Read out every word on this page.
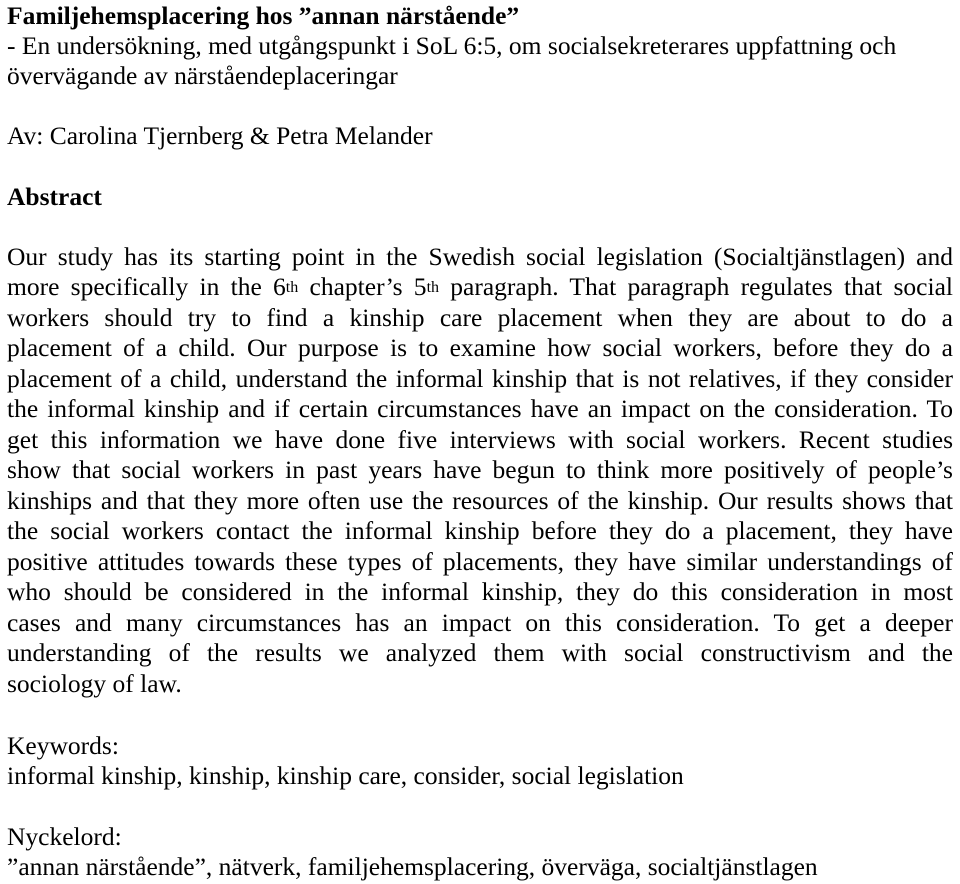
Familjehemsplacering hos ”annan närstående”
- En undersökning, med utgångspunkt i SoL 6:5, om socialsekreterares uppfattning och
övervägande av närståendeplaceringar
Av: Carolina Tjernberg & Petra Melander
Abstract
Our study has its starting point in the Swedish social legislation (Socialtjänstlagen) and
more specifically in the 6th chapter’s 5th paragraph. That paragraph regulates that social
workers should try to find a kinship care placement when they are about to do a
placement of a child. Our purpose is to examine how social workers, before they do a
placement of a child, understand the informal kinship that is not relatives, if they consider
the informal kinship and if certain circumstances have an impact on the consideration. To
get this information we have done five interviews with social workers. Recent studies
show that social workers in past years have begun to think more positively of people’s
kinships and that they more often use the resources of the kinship. Our results shows that
the social workers contact the informal kinship before they do a placement, they have
positive attitudes towards these types of placements, they have similar understandings of
who should be considered in the informal kinship, they do this consideration in most
cases and many circumstances has an impact on this consideration. To get a deeper
understanding of the results we analyzed them with social constructivism and the
sociology of law.
Keywords:
informal kinship, kinship, kinship care, consider, social legislation
Nyckelord:
”annan närstående”, nätverk, familjehemsplacering, överväga, socialtjänstlagen
